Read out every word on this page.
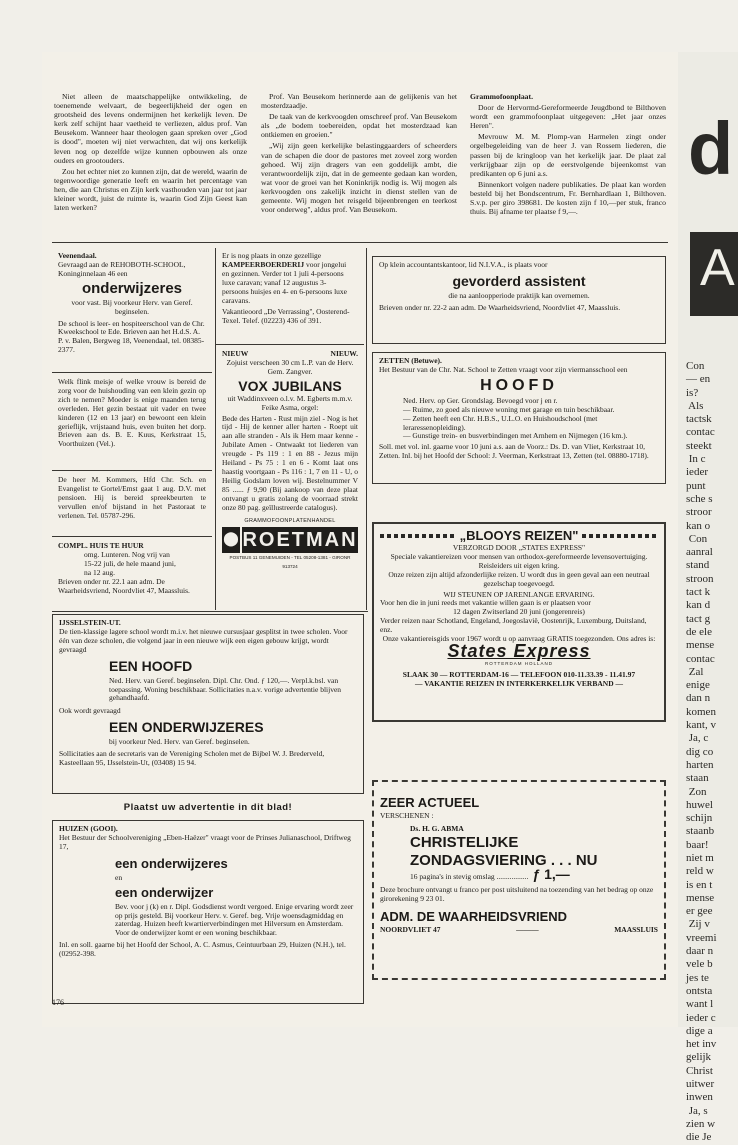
Niet alleen de maatschappelijke ontwikkeling, de toenemende welvaart, de begeerlijkheid der ogen en grootsheid des levens ondermijnen het kerkelijk leven. De kerk zelf schijnt haar vaetheid te verliezen, aldus prof. Van Beusekom. Wanneer haar theologen gaan spreken over „God is dood", moeten wij niet verwachten, dat wij ons kerkelijk leven nog op dezelfde wijze kunnen opbouwen als onze ouders en grootouders.

Zou het echter niet zo kunnen zijn, dat de wereld, waarin de tegenwoordige generatie leeft en waarin het percentage van hen, die aan Christus en Zijn kerk vasthouden van jaar tot jaar kleiner wordt, juist de ruimte is, waarin God Zijn Geest kan laten werken?

Prof. Van Beusekom herinnerde aan de gelijkenis van het mosterdzaadje.

De taak van de kerkvoogden omschreef prof. Van Beusekom als „de bodem toebereiden, opdat het mosterdzaad kan ontkiemen en groeien."

„Wij zijn geen kerkelijke belastinggaarders of scheerders van de schapen die door de pastores met zoveel zorg worden gehoed. Wij zijn dragers van een goddelijk ambt, die verantwoordelijk zijn, dat in de gemeente gedaan kan worden, wat voor de groei van het Koninkrijk nodig is. Wij mogen als kerkvoogden ons zakelijk inzicht in dienst stellen van de gemeente. Wij mogen het reisgeld bijeenbrengen en teerkost voor onderweg", aldus prof. Van Beusekom.

Grammofoonplaat.

Door de Hervormd-Gereformeerde Jeugdbond te Bilthoven wordt een grammofoonplaat uitgegeven: „Het jaar onzes Heren".

Mevrouw M. M. Plomp-van Harmelen zingt onder orgelbegeleiding van de heer J. van Rossem liederen, die passen bij de kringloop van het kerkelijk jaar. De plaat zal verkrijgbaar zijn op de eerstvolgende bijeenkomst van predikanten op 6 juni a.s.

Binnenkort volgen nadere publikaties. De plaat kan worden besteld bij het Bondscentrum, Fr. Bernhardlaan 1, Bilthoven. S.v.p. per giro 398681. De kosten zijn f 10,—per stuk, franco thuis. Bij afname ter plaatse f 9,—.

Veenendaal.
Gevraagd aan de REHOBOTH-SCHOOL, Koninginnelaan 46 een
onderwijzeres
voor vast. Bij voorkeur Herv. van Geref. beginselen.
De school is leer- en hospiteerschool van de Chr. Kweekschool te Ede. Brieven aan het H.d.S. A. P. v. Balen, Bergweg 18, Veenendaal, tel. 08385-2377.
Welk flink meisje of welke vrouw is bereid de zorg voor de huishouding van een klein gezin op zich te nemen? Moeder is enige maanden terug overleden. Het gezin bestaat uit vader en twee kinderen (12 en 13 jaar) en bewoont een klein gerieflijk, vrijstaand huis, even buiten het dorp. Brieven aan ds. B. E. Kuus, Kerkstraat 15, Voorthuizen (Vel.).
De heer M. Kommers, Hfd Chr. Sch. en Evangelist te Gortel/Emst gaat 1 aug. D.V. met pensioen. Hij is bereid spreekbeurten te vervullen en/of bijstand in het Pastoraat te verlenen. Tel. 05787-296.
COMPL. HUIS TE HUUR
omg. Lunteren. Nog vrij van
15-22 juli, de hele maand juni,
na 12 aug.
Brieven onder nr. 22.1 aan adm. De Waarheidsvriend, Noordvliet 47, Maassluis.
Er is nog plaats in onze gezellige
KAMPEERBOERDERIJ voor jongelui en gezinnen. Verder tot 1 juli 4-persoons luxe caravan; vanaf 12 augustus 3-persoons huisjes en 4- en 6-persoons luxe caravans.
Vakantieoord „De Verrassing", Oosterend-Texel. Telef. (02223) 436 of 391.
NIEUW	NIEUW.
Zojuist verscheen 30 cm L.P. van de Herv. Gem. Zangver.
VOX JUBILANS
uit Waddinxveen o.l.v. M. Egberts m.m.v. Feike Asma, orgel:
Bede des Harten - Rust mijn ziel - Nog is het tijd - Hij de kenner aller harten - Roept uit aan alle stranden - Als ik Hem maar kenne - Jubilate Amen - Ontwaakt tot liederen van vreugde - Ps 119 : 1 en 88 - Jezus mijn Heiland - Ps 75 : 1 en 6 - Komt laat ons haastig voortgaan - Ps 116 : 1, 7 en 11 - U, o Heilig Godslam loven wij. Bestelnummer V 85 ...... ƒ 9,90 (Bij aankoop van deze plaat ontvangt u gratis zolang de voorraad strekt onze 80 pag. geïllustreerde catalogus).
GRAMMOFOONPLATENHANDEL
⬤ ROETMAN
POSTBUS 11 GENEMUIDEN - TEL 05208-1381 - GIRONR 913724
Op klein accountantskantoor, lid N.I.V.A., is plaats voor
gevorderd assistent
die na aanloopperiode praktijk kan overnemen.
Brieven onder nr. 22-2 aan adm. De Waarheidsvriend, Noordvliet 47, Maassluis.
ZETTEN (Betuwe).
Het Bestuur van de Chr. Nat. School te Zetten vraagt voor zijn viermansschool een
HOOFD
Ned. Herv. op Ger. Grondslag. Bevoegd voor j en r.
— Ruime, zo goed als nieuwe woning met garage en tuin beschikbaar.
— Zetten heeft een Chr. H.B.S., U.L.O. en Huishoudschool (met leraressenopleiding).
— Gunstige trein- en busverbindingen met Arnhem en Nijmegen (16 km.).
Soll. met vol. inl. gaarne voor 10 juni a.s. aan de Voorz.: Ds. D. van Vliet, Kerkstraat 10, Zetten. Inl. bij het Hoofd der School: J. Veerman, Kerkstraat 13, Zetten (tel. 08880-1718).
„BLOOYS REIZEN"
VERZORGD DOOR „STATES EXPRESS"
Speciale vakantiereizen voor mensen van orthodox-gereformeerde levensovertuiging. Reisleiders uit eigen kring.
Onze reizen zijn altijd afzonderlijke reizen. U wordt dus in geen geval aan een neutraal gezelschap toegevoegd.
WIJ STEUNEN OP JARENLANGE ERVARING.
Voor hen die in juni reeds met vakantie willen gaan is er plaatsen voor
12 dagen Zwitserland 20 juni (jongerenreis)
Verder reizen naar Schotland, Engeland, Joegoslavië, Oostenrijk, Luxemburg, Duitsland, enz.
Onze vakantiereisgids voor 1967 wordt u op aanvraag GRATIS toegezonden. Ons adres is:
States Express
ROTTERDAM HOLLAND
SLAAK 30 — ROTTERDAM-16 — TELEFOON 010-11.33.39 - 11.41.97
— VAKANTIE REIZEN IN INTERKERKELIJK VERBAND —
IJSSELSTEIN-UT.
De tien-klassige lagere school wordt m.i.v. het nieuwe cursusjaar gesplitst in twee scholen. Voor één van deze scholen, die volgend jaar in een nieuwe wijk een eigen gebouw krijgt, wordt gevraagd
EEN HOOFD
Ned. Herv. van Geref. beginselen. Dipl. Chr. Ond. ƒ 120,—. Verpl.k.bsl. van toepassing. Woning beschikbaar. Sollicitaties n.a.v. vorige advertentie blijven gehandhaafd.
Ook wordt gevraagd
EEN ONDERWIJZERES
bij voorkeur Ned. Herv. van Geref. beginselen.
Sollicitaties aan de secretaris van de Vereniging Scholen met de Bijbel W. J. Brederveld, Kasteellaan 95, IJsselstein-Ut, (03408) 15 94.
Plaatst uw advertentie in dit blad!
HUIZEN (GOOI).
Het Bestuur der Schoolvereniging „Eben-Haëzer" vraagt voor de Prinses Julianaschool, Driftweg 17,
een onderwijzeres
en
een onderwijzer
Bev. voor j (k) en r. Dipl. Godsdienst wordt vergoed. Enige ervaring wordt zeer op prijs gesteld. Bij voorkeur Herv. v. Geref. beg. Vrije woensdagmiddag en zaterdag. Huizen heeft kwartierverbindingen met Hilversum en Amsterdam.
Voor de onderwijzer komt er een woning beschikbaar.
Inl. en soll. gaarne bij het Hoofd der School, A. C. Asmus, Ceintuurbaan 29, Huizen (N.H.), tel. (02952-398.
ZEER ACTUEEL
VERSCHENEN :
Ds. H. G. ABMA
CHRISTELIJKE
ZONDAGSVIERING . . . NU
16 pagina's in stevig omslag ................. ƒ 1,—
Deze brochure ontvangt u franco per post uitsluitend na toezending van het bedrag op onze girorekening 9 23 01.
ADM. DE WAARHEIDSVRIEND
NOORDVLIET 47	———	MAASSLUIS
176
d
A
Con
— en
is?
Als
tactsk
contac
steekt
In c
ieder
punt
sche s
stroor
kan o
Con
aanral
stand
stroon
tact k
kan d
tact g
de ele
mense
contac
Zal
enige
dan n
komen
kant, v
Ja, c
dig co
harten
staan
Zon
huwel
schijn
staanb
baar!
niet m
reld w
is en t
mense
er gee
Zij v
vreemi
daar n
vele b
jes te
ontsta
want l
ieder c
dige a
het inv
gelijk
Christ
uitwer
inwen
Ja, s
zien w
die Je
